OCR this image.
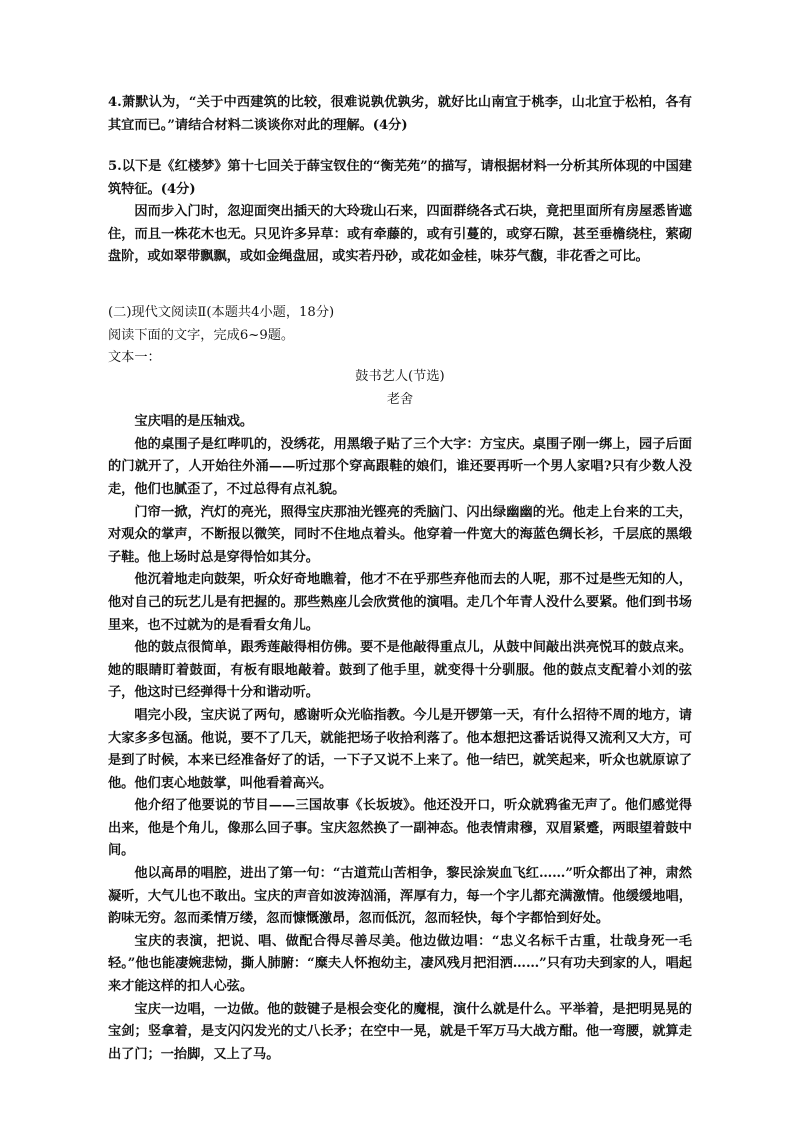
4.萧默认为，“关于中西建筑的比较，很难说孰优孰劣，就好比山南宜于桃李，山北宜于松柏，各有其宜而已。”请结合材料二谈谈你对此的理解。(4分)

5.以下是《红楼梦》第十七回关于薛宝钗住的“衡芜苑”的描写，请根据材料一分析其所体现的中国建筑特征。(4分)

因而步入门时，忽迎面突出插天的大玲珑山石来，四面群绕各式石块，竟把里面所有房屋悉皆遮住，而且一株花木也无。只见许多异草：或有牵藤的，或有引蔓的，或穿石隙，甚至垂檐绕柱，萦砌盘阶，或如翠带飘飘，或如金绳盘屈，或实若丹砂，或花如金桂，味芬气馥，非花香之可比。

(二)现代文阅读Ⅱ(本题共4小题，18分)

阅读下面的文字，完成6~9题。

文本一：

鼓书艺人(节选)

老舍

宝庆唱的是压轴戏。

他的桌围子是红哔叽的，没绣花，用黑缎子贴了三个大字：方宝庆。桌围子刚一绑上，园子后面的门就开了，人开始往外涌——听过那个穿高跟鞋的娘们，谁还要再听一个男人家唱?只有少数人没走，他们也腻歪了，不过总得有点礼貌。

门帘一掀，汽灯的亮光，照得宝庆那油光铿亮的秃脑门、闪出绿幽幽的光。他走上台来的工夫，对观众的掌声，不断报以微笑，同时不住地点着头。他穿着一件宽大的海蓝色绸长衫，千层底的黑缎子鞋。他上场时总是穿得恰如其分。

他沉着地走向鼓架，听众好奇地瞧着，他才不在乎那些弃他而去的人呢，那不过是些无知的人，他对自己的玩艺儿是有把握的。那些熟座儿会欣赏他的演唱。走几个年青人没什么要紧。他们到书场里来，也不过就为的是看看女角儿。

他的鼓点很简单，跟秀莲敲得相仿佛。要不是他敲得重点儿，从鼓中间敲出洪亮悦耳的鼓点来。她的眼睛盯着鼓面，有板有眼地敲着。鼓到了他手里，就变得十分驯服。他的鼓点支配着小刘的弦子，他这时已经弹得十分和谐动听。

唱完小段，宝庆说了两句，感谢听众光临指教。今儿是开锣第一天，有什么招待不周的地方，请大家多多包涵。他说，要不了几天，就能把场子收拾利落了。他本想把这番话说得又流利又大方，可是到了时候，本来已经准备好了的话，一下子又说不上来了。他一结巴，就笑起来，听众也就原谅了他。他们衷心地鼓掌，叫他看着高兴。

他介绍了他要说的节目——三国故事《长坂坡》。他还没开口，听众就鸦雀无声了。他们感觉得出来，他是个角儿，像那么回子事。宝庆忽然换了一副神态。他表情肃穆，双眉紧蹙，两眼望着鼓中间。

他以高昂的唱腔，进出了第一句：“古道荒山苦相争，黎民涂炭血飞红……”听众都出了神，肃然凝听，大气儿也不敢出。宝庆的声音如波涛汹涌，浑厚有力，每一个字儿都充满激情。他缓缓地唱，韵味无穷。忽而柔情万缕，忽而慷慨激昂，忽而低沉，忽而轻快，每个字都恰到好处。

宝庆的表演，把说、唱、做配合得尽善尽美。他边做边唱：“忠义名标千古重，壮哉身死一毛轻。”他也能凄婉悲恸，撕人肺腑：“糜夫人怀抱幼主，凄风残月把泪洒……”只有功夫到家的人，唱起来才能这样的扣人心弦。

宝庆一边唱，一边做。他的鼓键子是根会变化的魔棍，演什么就是什么。平举着，是把明晃晃的宝剑；竖拿着，是支闪闪发光的丈八长矛；在空中一晃，就是千军万马大战方酣。他一弯腰，就算走出了门；一抬脚，又上了马。
